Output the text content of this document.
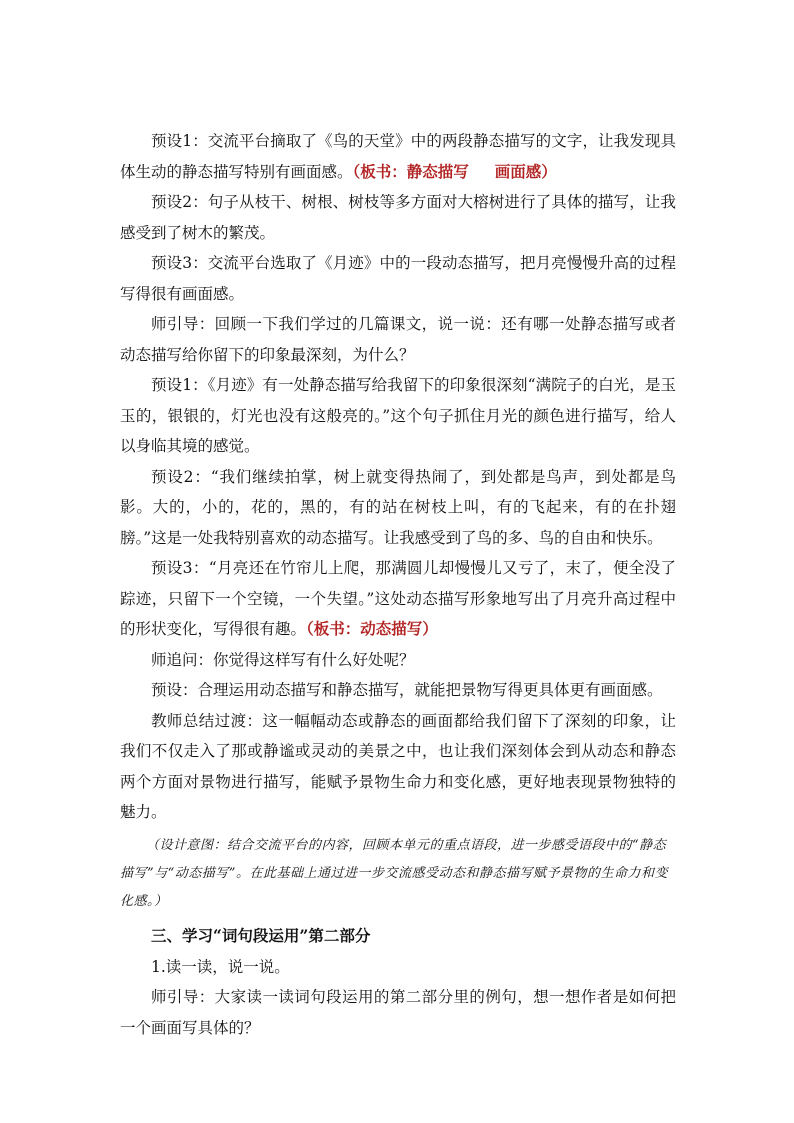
预设1：交流平台摘取了《鸟的天堂》中的两段静态描写的文字，让我发现具体生动的静态描写特别有画面感。（板书：静态描写 画面感）

预设2：句子从枝干、树根、树枝等多方面对大榕树进行了具体的描写，让我感受到了树木的繁茂。

预设3：交流平台选取了《月迹》中的一段动态描写，把月亮慢慢升高的过程写得很有画面感。

师引导：回顾一下我们学过的几篇课文，说一说：还有哪一处静态描写或者动态描写给你留下的印象最深刻，为什么？

预设1：《月迹》有一处静态描写给我留下的印象很深刻“满院子的白光，是玉玉的，银银的，灯光也没有这般亮的。”这个句子抓住月光的颜色进行描写，给人以身临其境的感觉。

预设2：“我们继续拍掌，树上就变得热闹了，到处都是鸟声，到处都是鸟影。大的，小的，花的，黑的，有的站在树枝上叫，有的飞起来，有的在扑翅膀。”这是一处我特别喜欢的动态描写。让我感受到了鸟的多、鸟的自由和快乐。

预设3：“月亮还在竹帘儿上爬，那满圆儿却慢慢儿又亏了，末了，便全没了踪迹，只留下一个空镜，一个失望。”这处动态描写形象地写出了月亮升高过程中的形状变化，写得很有趣。（板书：动态描写）

师追问：你觉得这样写有什么好处呢？

预设：合理运用动态描写和静态描写，就能把景物写得更具体更有画面感。

教师总结过渡：这一幅幅动态或静态的画面都给我们留下了深刻的印象，让我们不仅走入了那或静谧或灵动的美景之中，也让我们深刻体会到从动态和静态两个方面对景物进行描写，能赋予景物生命力和变化感，更好地表现景物独特的魅力。

（设计意图：结合交流平台的内容，回顾本单元的重点语段，进一步感受语段中的“静态描写”与“动态描写”。在此基础上通过进一步交流感受动态和静态描写赋予景物的生命力和变化感。）

三、学习“词句段运用”第二部分

1.读一读，说一说。

师引导：大家读一读词句段运用的第二部分里的例句，想一想作者是如何把一个画面写具体的？
